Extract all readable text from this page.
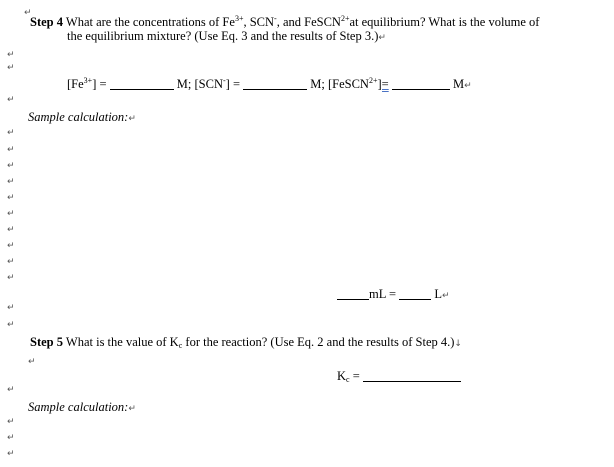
↵
↵
↵
↵
↵
↵
↵
↵
↵
↵
↵
↵
↵
↵
↵
↵
↵
↵
↵
↵
↵
Step 4 What are the concentrations of $Fe^{3+}$, SCN-, and FeSCN$^{2+}$at equilibrium? What is the volume of
the equilibrium mixture? (Use Eq. 3 and the results of Step 3.)↵
$[Fe^{3+}]$ =	M; [SCN-] =	M; [FeSCN$^{2+}$]=	M↵
Sample calculation:↵
mL =	L↵
Step 5 What is the value of $K_c$ for the reaction? (Use Eq. 2 and the results of Step 4.)↓
$K_c$ =
Sample calculation:↵
